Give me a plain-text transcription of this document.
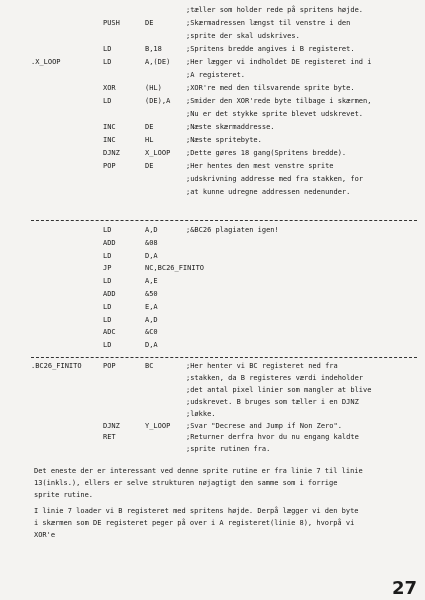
;tæller som holder rede på spritens højde.
PUSH	DE	;Skærmadressen længst til venstre i den
;sprite der skal udskrives.
LD	B,18	;Spritens bredde angives i B registeret.
.X_LOOP	LD	A,(DE) ;Her lægger vi indholdet DE registeret ind i
;A registeret.
XOR	(HL)	;XOR're med den tilsvarende sprite byte.
LD	(DE),A ;Smider den XOR'rede byte tilbage i skærmen,
;Nu er det stykke sprite blevet udskrevet.
INC	DE	;Næste skærmaddresse.
INC	HL	;Næste spritebyte.
DJNZ	X_LOOP ;Dette gøres 18 gang(Spritens bredde).
POP	DE	;Her hentes den mest venstre sprite
;udskrivning addresse med fra stakken, for
;at kunne udregne addressen nedenunder.
LD	A,D	;&BC26 plagiaten igen!
ADD	&08
LD	D,A
JP	NC,BC26_FINITO
LD	A,E
ADD	&50
LD	E,A
LD	A,D
ADC	&C0
LD	D,A
.BC26_FINITO	POP	BC	;Her henter vi BC registeret ned fra
;stakken, da B registeres værdi indeholder
;det antal pixel linier som mangler at blive
;udskrevet. B bruges som tæller i en DJNZ
;løkke.
DJNZ	Y_LOOP ;Svar "Decrese and Jump if Non Zero".
RET	;Returner derfra hvor du nu engang kaldte
;sprite rutinen fra.
Det eneste der er interessant ved denne sprite rutine er fra linie 7 til linie 13(inkls.), ellers er selve strukturen nøjagtigt den samme som i forrige sprite rutine.
I linie 7 loader vi B registeret med spritens højde. Derpå lægger vi den byte i skærmen som DE registeret peger på over i A registeret(linie 8), hvorpå vi XOR'e
27
